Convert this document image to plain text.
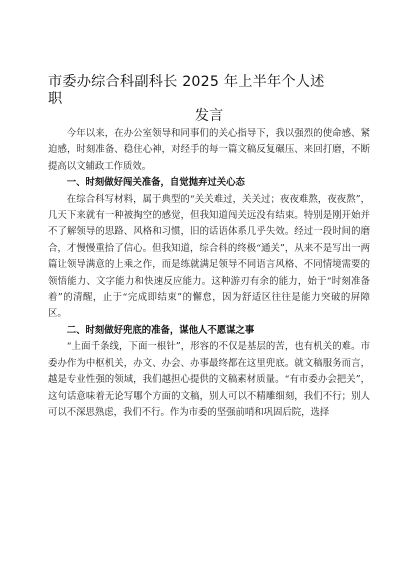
市委办综合科副科长 2025 年上半年个人述
职
发言

今年以来，在办公室领导和同事们的关心指导下，我以强烈的使命感、紧迫感，时刻准备、稳住心神，对经手的每一篇文稿反复碾压、来回打磨，不断提高以文辅政工作质效。

一、时刻做好闯关准备，自觉抛弃过关心态

在综合科写材料，属于典型的“关关难过，关关过；夜夜难熬，夜夜熬”，几天下来就有一种被掏空的感觉，但我知道闯关远没有结束。特别是刚开始并不了解领导的思路、风格和习惯，旧的话语体系几乎失效。经过一段时间的磨合，才慢慢重拾了信心。但我知道，综合科的终极“通关”，从来不是写出一两篇让领导满意的上乘之作，而是练就满足领导不同语言风格、不同情境需要的领悟能力、文字能力和快速反应能力。这种游刃有余的能力，始于“时刻准备着”的清醒，止于“完成即结束”的懈怠，因为舒适区往往是能力突破的屏障区。

二、时刻做好兜底的准备，谋他人不愿谋之事

“上面千条线，下面一根针”，形容的不仅是基层的苦，也有机关的难。市委办作为中枢机关，办文、办会、办事最终都在这里兜底。就文稿服务而言，越是专业性强的领域，我们越担心提供的文稿素材质量。“有市委办会把关”，这句话意味着无论写哪个方面的文稿，别人可以不精雕细刻，我们不行；别人可以不深思熟虑，我们不行。作为市委的坚强前哨和巩固后院，选择
